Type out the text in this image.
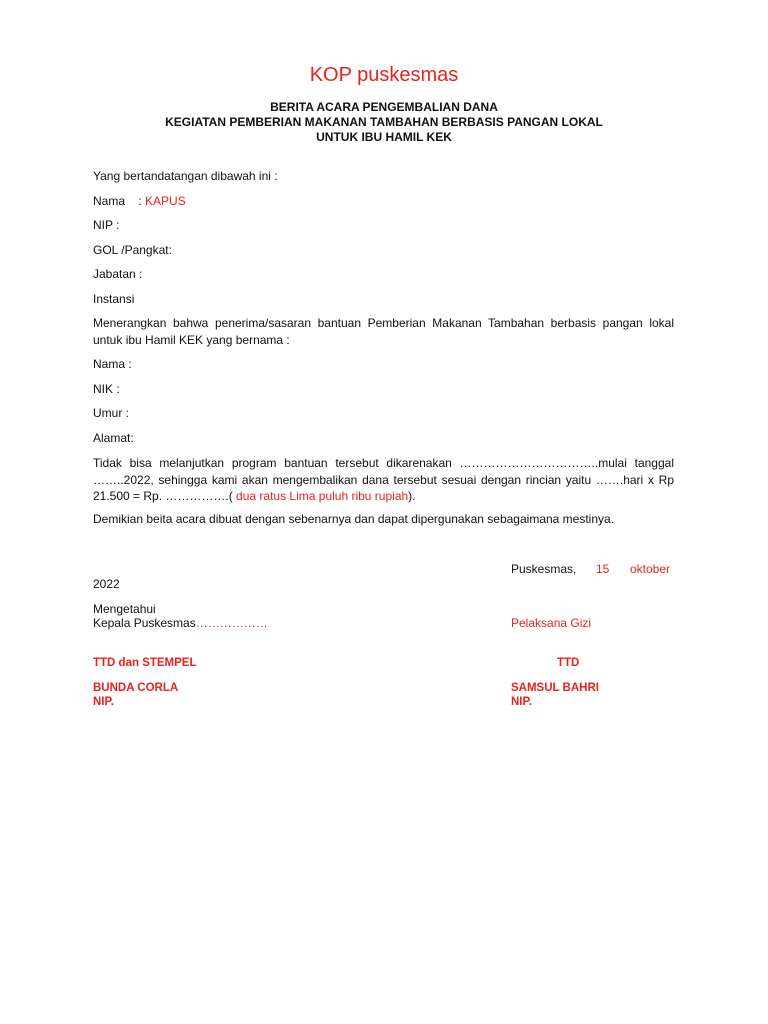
KOP puskesmas
BERITA ACARA PENGEMBALIAN DANA
KEGIATAN PEMBERIAN MAKANAN TAMBAHAN BERBASIS PANGAN LOKAL
UNTUK IBU HAMIL KEK
Yang bertandatangan dibawah ini :
Nama    : KAPUS
NIP :
GOL /Pangkat:
Jabatan :
Instansi
Menerangkan bahwa penerima/sasaran bantuan Pemberian Makanan Tambahan berbasis pangan lokal untuk ibu Hamil KEK yang bernama :
Nama :
NIK :
Umur :
Alamat:
Tidak bisa melanjutkan program bantuan tersebut dikarenakan ……………………………..mulai tanggal ……..2022, sehingga kami akan mengembalikan dana tersebut sesuai dengan rincian yaitu …….hari x Rp 21.500 = Rp. …………….( dua ratus Lima puluh ribu rupiah).
Demikian beita acara dibuat dengan sebenarnya dan dapat dipergunakan sebagaimana mestinya.
Puskesmas, 15 oktober
2022
Mengetahui
Kepala Puskesmas………………	Pelaksana Gizi
TTD dan STEMPEL	TTD
BUNDA CORLA
NIP.
SAMSUL BAHRI
NIP.
